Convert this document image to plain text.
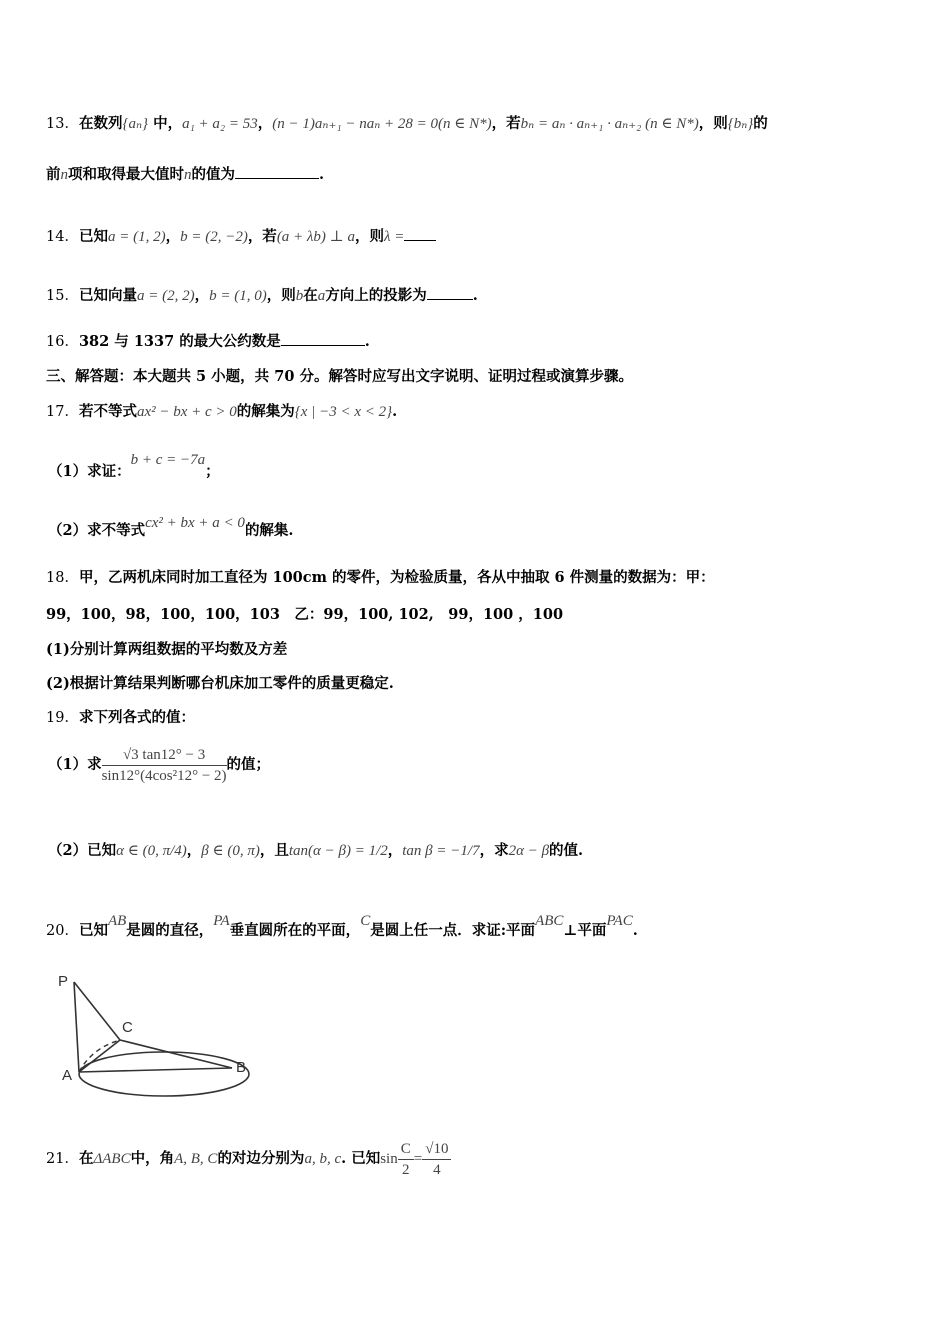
13．在数列{aₙ} 中，a₁ + a₂ = 53，(n − 1)aₙ₊₁ − naₙ + 28 = 0(n ∈ N*)，若bₙ = aₙ · aₙ₊₁ · aₙ₊₂ (n ∈ N*)，则{bₙ}的
前n项和取得最大值时n的值为	.
14．已知a = (1, 2)，b = (2, −2)，若(a + λb) ⊥ a，则λ =
15．已知向量a = (2, 2)，b = (1, 0)，则b在a方向上的投影为	.
16．382 与 1337 的最大公约数是	.
三、解答题：本大题共 5 小题，共 70 分。解答时应写出文字说明、证明过程或演算步骤。
17．若不等式ax² − bx + c > 0的解集为{x | −3 < x < 2}.
（1）求证：b + c = −7a；
（2）求不等式cx² + bx + a < 0的解集.
18．甲，乙两机床同时加工直径为 100cm 的零件，为检验质量，各从中抽取 6 件测量的数据为：甲：
99，100，98，100，100，103　乙：99，100, 102,　99，100 ，100
(1)分别计算两组数据的平均数及方差
(2)根据计算结果判断哪台机床加工零件的质量更稳定.
19．求下列各式的值：
（1）求 $\frac{√3 \tan 12^\circ - 3}{\text{sin12°(4cos²12° − 2)}}$ 的值；
（2）已知α ∈ (0, π/4)，β ∈ (0, π)，且tan(α − β) = 1/2，tan β = −1/7，求2α − β的值.
20．已知AB是圆的直径，PA垂直圆所在的平面，C是圆上任一点．求证:平面ABC⊥平面PAC.
P
C
A	B
21．在ΔABC中，角A, B, C的对边分别为a, b, c. 已知$\sin \frac{C}{2} = \frac{√10}{4}$
